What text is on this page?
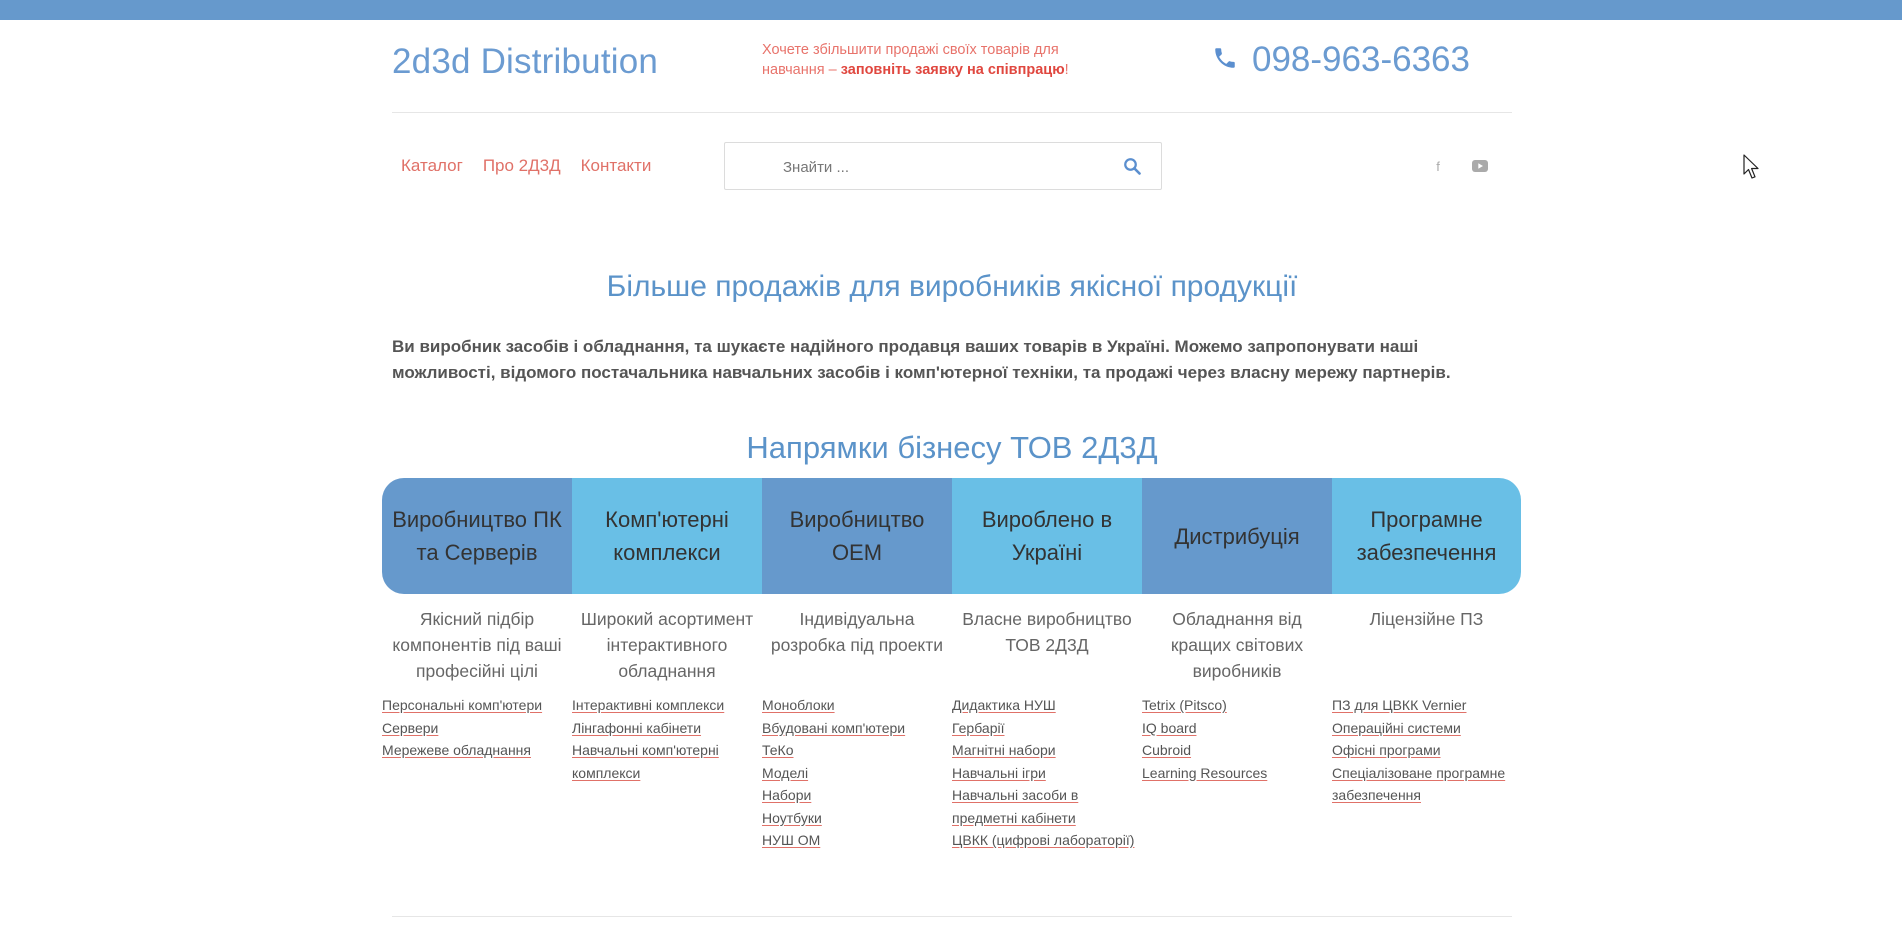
2d3d Distribution	Хочете збільшити продажі своїх товарів для навчання – заповніть заявку на співпрацю!	098-963-6363
Каталог Про 2Д3Д Контакти
Знайти ...	f
Більше продажів для виробників якісної продукції

Ви виробник засобів і обладнання, та шукаєте надійного продавця ваших товарів в Україні. Можемо запропонувати наші можливості, відомого постачальника навчальних засобів і комп'ютерної техніки, та продажі через власну мережу партнерів.

Напрямки бізнесу ТОВ 2Д3Д
Виробництво ПК та Серверів
Якісний підбір компонентів під ваші професійні цілі
Персональні комп'ютери
Сервери
Мережеве обладнання
Комп'ютерні комплекси
Широкий асортимент інтерактивного обладнання
Інтерактивні комплекси
Лінгафонні кабінети
Навчальні комп'ютерні комплекси
Виробництво ОЕМ
Індивідуальна розробка під проекти
Моноблоки
Вбудовані комп'ютери
ТеКо
Моделі
Набори
Ноутбуки
НУШ ОМ
Вироблено в Україні
Власне виробництво ТОВ 2Д3Д
Дидактика НУШ
Гербарії
Магнітні набори
Навчальні ігри
Навчальні засоби в предметні кабінети
ЦВКК (цифрові лабораторії)
Дистрибуція
Обладнання від кращих світових виробників
Tetrix (Pitsco)
IQ board
Cubroid
Learning Resources
Програмне забезпечення
Ліцензійне ПЗ
ПЗ для ЦВКК Vernier
Операційні системи
Офісні програми
Спеціалізоване програмне забезпечення
